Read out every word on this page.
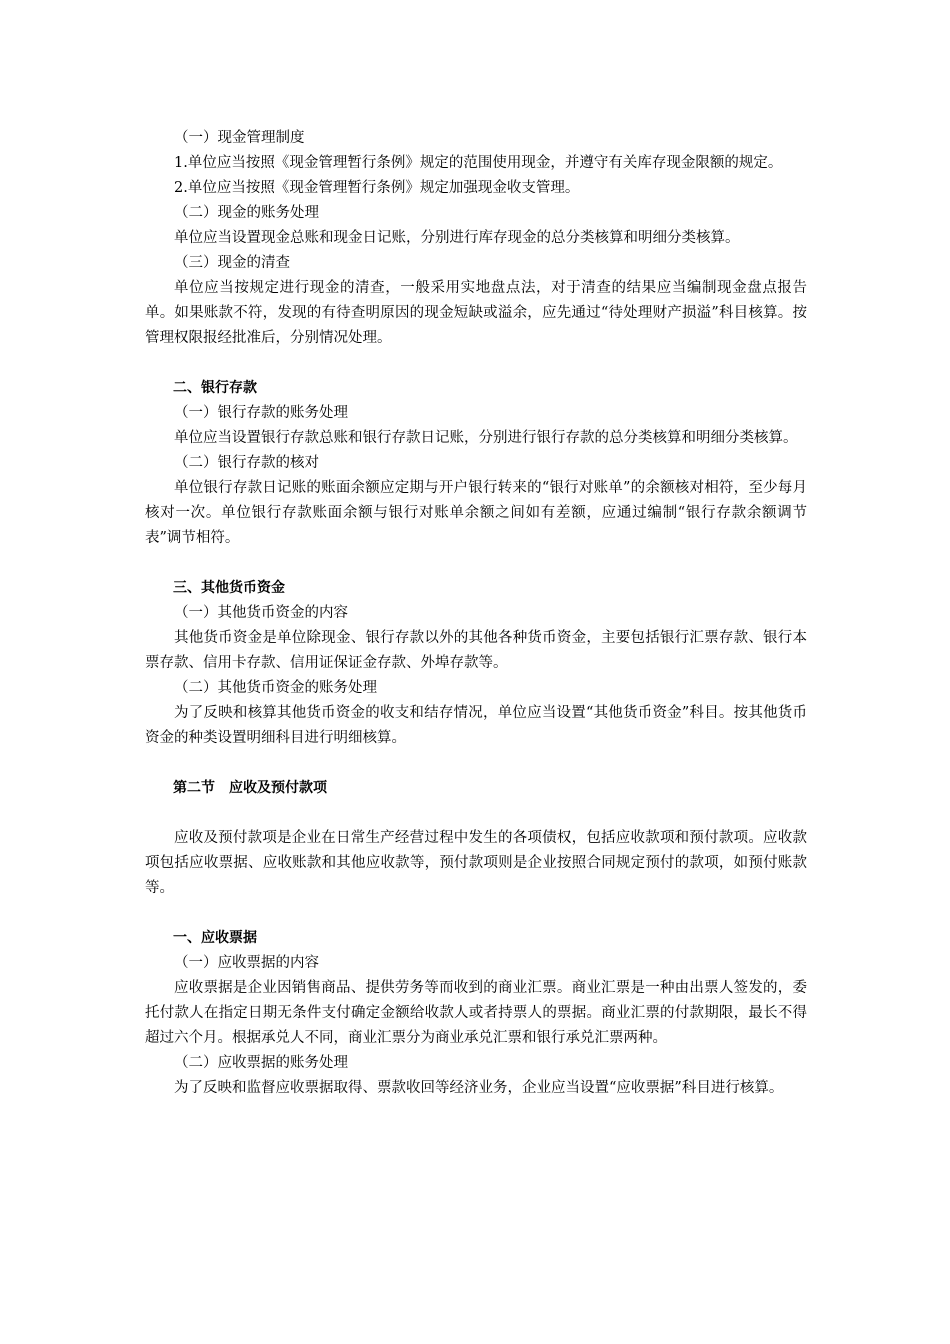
（一）现金管理制度

1.单位应当按照《现金管理暂行条例》规定的范围使用现金，并遵守有关库存现金限额的规定。

2.单位应当按照《现金管理暂行条例》规定加强现金收支管理。

（二）现金的账务处理

单位应当设置现金总账和现金日记账，分别进行库存现金的总分类核算和明细分类核算。

（三）现金的清查

单位应当按规定进行现金的清查，一般采用实地盘点法，对于清查的结果应当编制现金盘点报告单。如果账款不符，发现的有待查明原因的现金短缺或溢余，应先通过“待处理财产损溢”科目核算。按管理权限报经批准后，分别情况处理。

二、银行存款

（一）银行存款的账务处理

单位应当设置银行存款总账和银行存款日记账，分别进行银行存款的总分类核算和明细分类核算。

（二）银行存款的核对

单位银行存款日记账的账面余额应定期与开户银行转来的“银行对账单”的余额核对相符，至少每月核对一次。单位银行存款账面余额与银行对账单余额之间如有差额，应通过编制“银行存款余额调节表”调节相符。

三、其他货币资金

（一）其他货币资金的内容

其他货币资金是单位除现金、银行存款以外的其他各种货币资金，主要包括银行汇票存款、银行本票存款、信用卡存款、信用证保证金存款、外埠存款等。

（二）其他货币资金的账务处理

为了反映和核算其他货币资金的收支和结存情况，单位应当设置“其他货币资金”科目。按其他货币资金的种类设置明细科目进行明细核算。

第二节　应收及预付款项

应收及预付款项是企业在日常生产经营过程中发生的各项债权，包括应收款项和预付款项。应收款项包括应收票据、应收账款和其他应收款等，预付款项则是企业按照合同规定预付的款项，如预付账款等。

一、应收票据

（一）应收票据的内容

应收票据是企业因销售商品、提供劳务等而收到的商业汇票。商业汇票是一种由出票人签发的，委托付款人在指定日期无条件支付确定金额给收款人或者持票人的票据。商业汇票的付款期限，最长不得超过六个月。根据承兑人不同，商业汇票分为商业承兑汇票和银行承兑汇票两种。

（二）应收票据的账务处理

为了反映和监督应收票据取得、票款收回等经济业务，企业应当设置“应收票据”科目进行核算。
